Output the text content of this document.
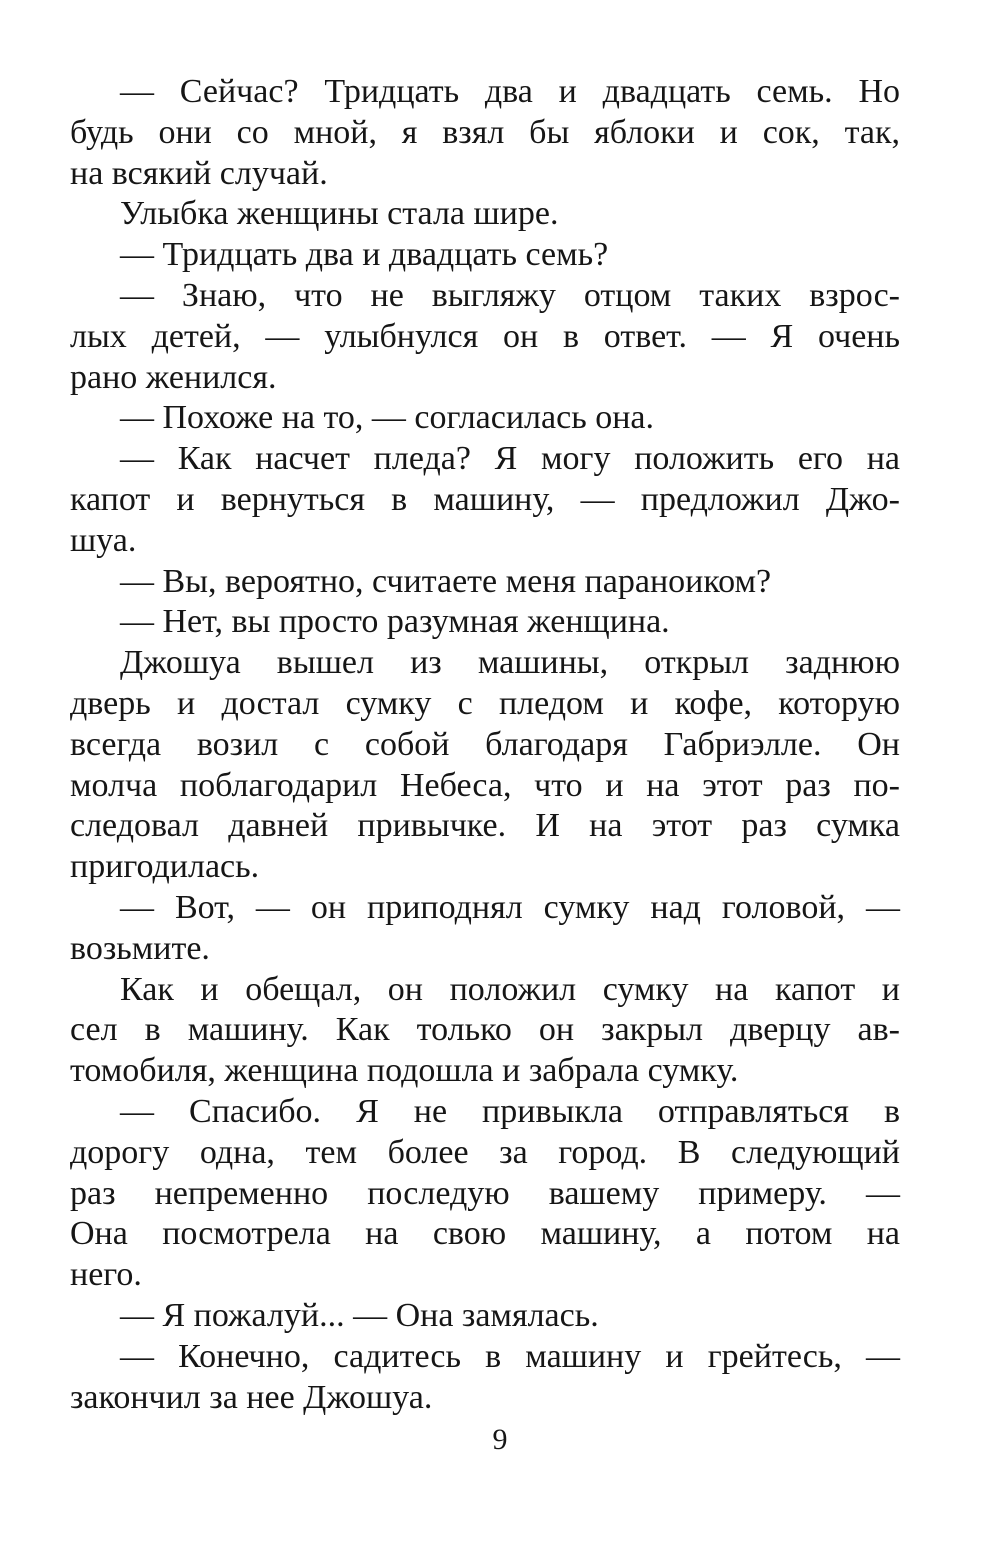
— Сейчас? Тридцать два и двадцать семь. Но
будь они со мной, я взял бы яблоки и сок, так,
на всякий случай.
Улыбка женщины стала шире.
— Тридцать два и двадцать семь?
— Знаю, что не выгляжу отцом таких взрос-
лых детей, — улыбнулся он в ответ. — Я очень
рано женился.
— Похоже на то, — согласилась она.
— Как насчет пледа? Я могу положить его на
капот и вернуться в машину, — предложил Джо-
шуа.
— Вы, вероятно, считаете меня параноиком?
— Нет, вы просто разумная женщина.
Джошуа вышел из машины, открыл заднюю
дверь и достал сумку с пледом и кофе, которую
всегда возил с собой благодаря Габриэлле. Он
молча поблагодарил Небеса, что и на этот раз по-
следовал давней привычке. И на этот раз сумка
пригодилась.
— Вот, — он приподнял сумку над головой, —
возьмите.
Как и обещал, он положил сумку на капот и
сел в машину. Как только он закрыл дверцу ав-
томобиля, женщина подошла и забрала сумку.
— Спасибо. Я не привыкла отправляться в
дорогу одна, тем более за город. В следующий
раз непременно последую вашему примеру. —
Она посмотрела на свою машину, а потом на
него.
— Я пожалуй... — Она замялась.
— Конечно, садитесь в машину и грейтесь, —
закончил за нее Джошуа.
9
